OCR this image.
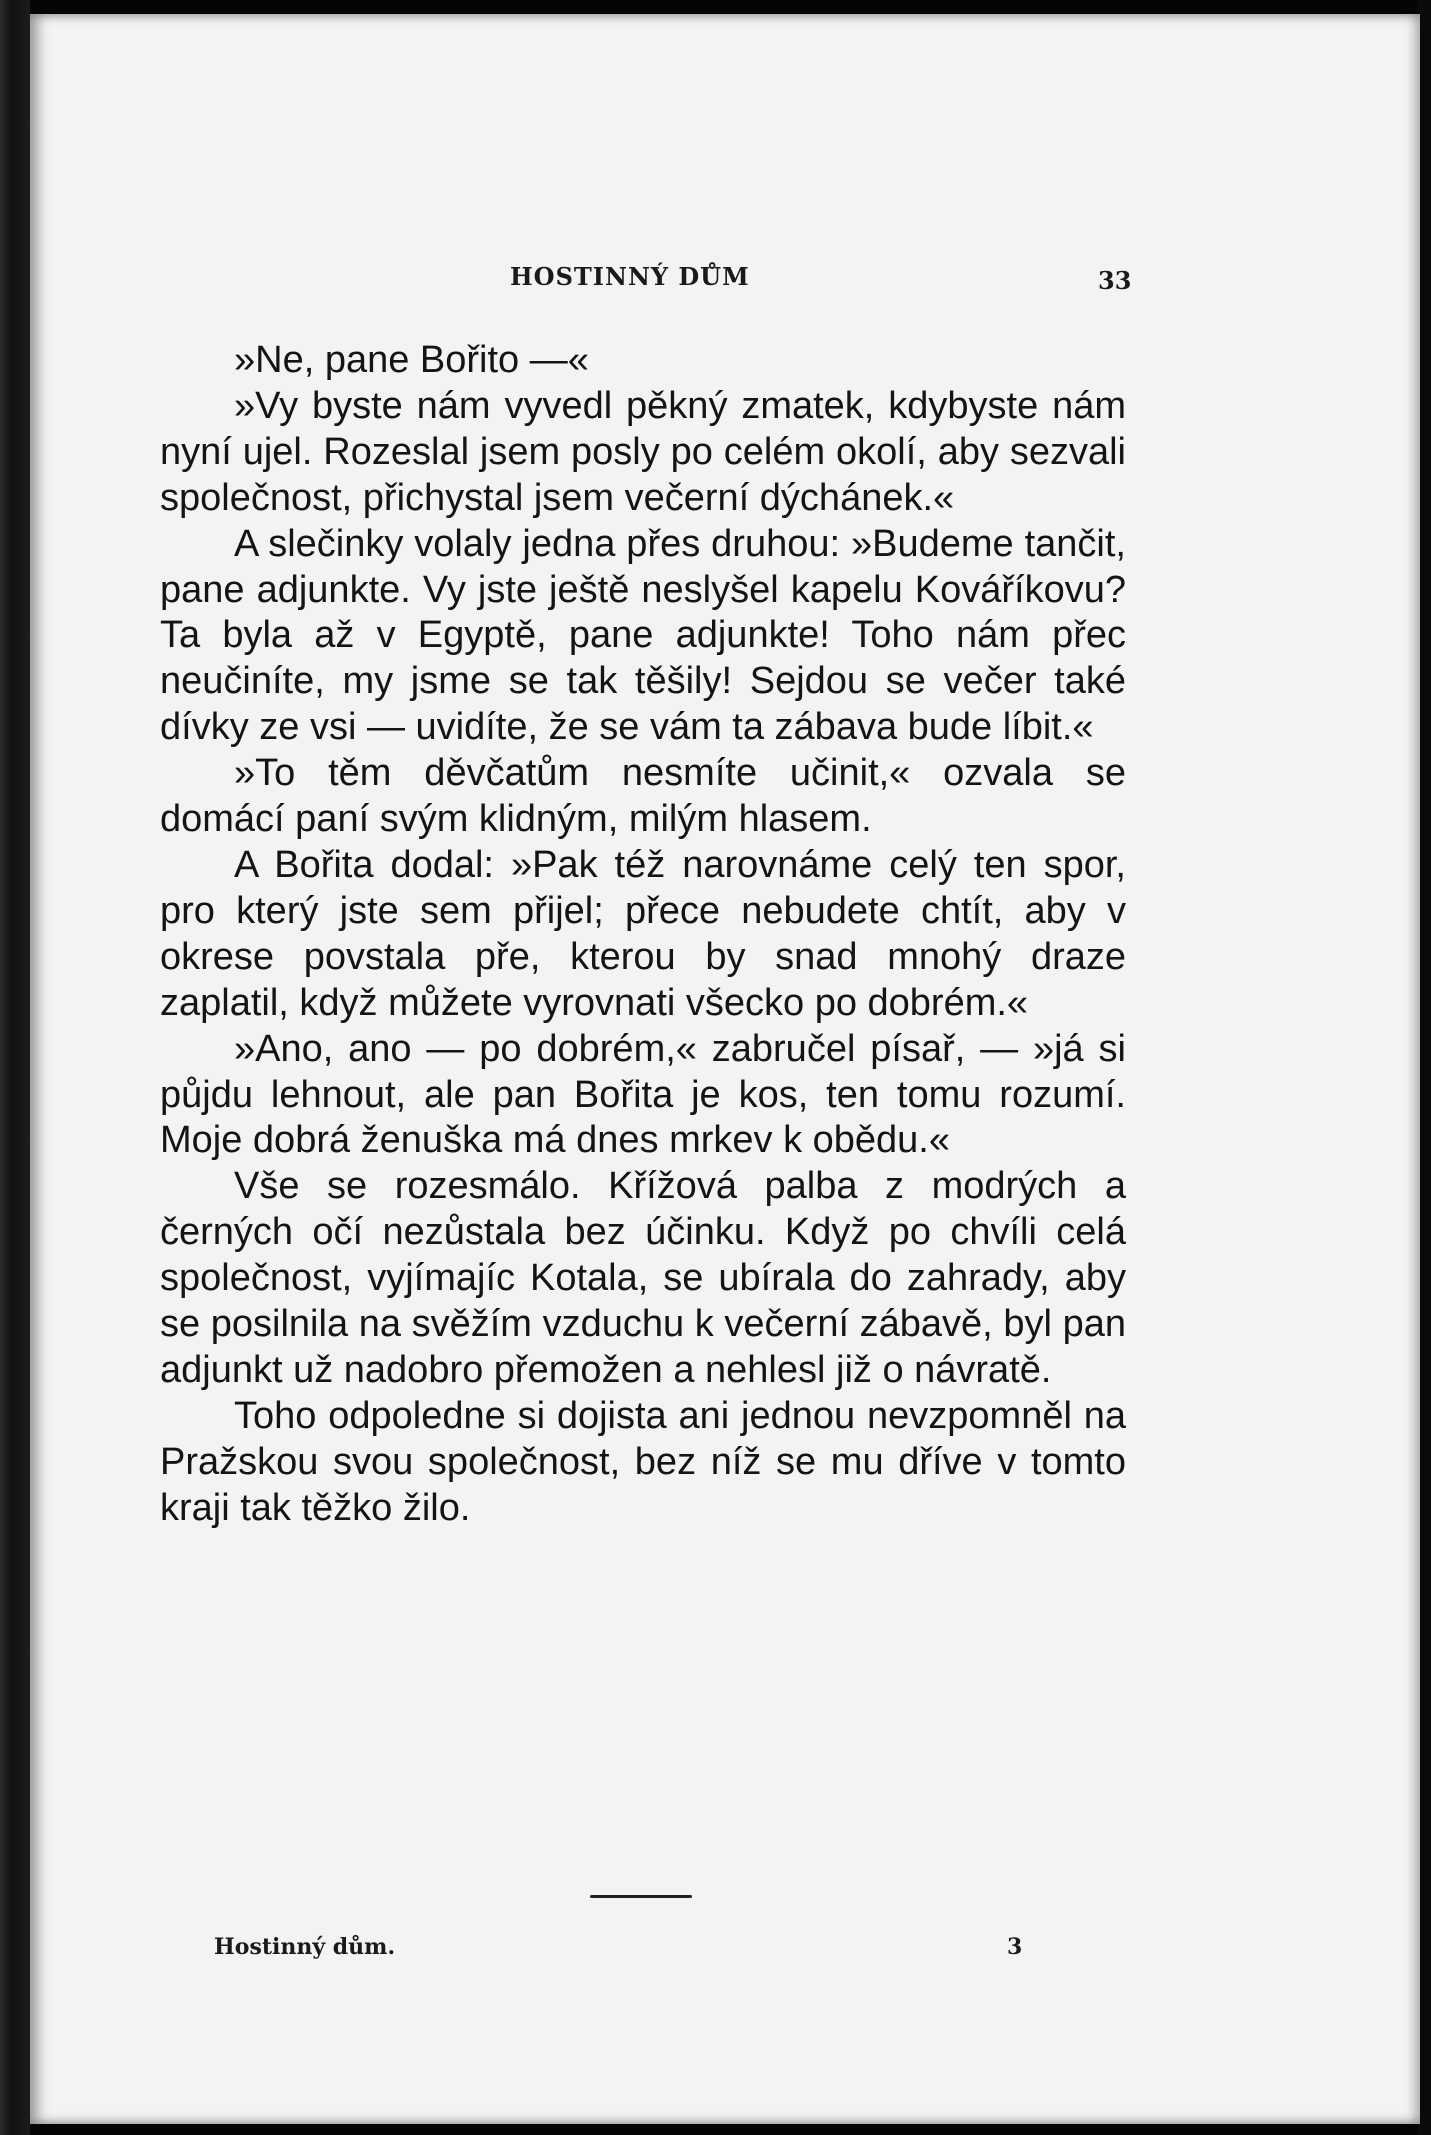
HOSTINNÝ DŮM	33

»Ne, pane Bořito —«

»Vy byste nám vyvedl pěkný zmatek, kdybyste nám nyní ujel. Rozeslal jsem posly po celém okolí, aby sezvali společnost, přichystal jsem večerní dýchánek.«

A slečinky volaly jedna přes druhou: »Budeme tančit, pane adjunkte. Vy jste ještě neslyšel kapelu Kováříkovu? Ta byla až v Egyptě, pane adjunkte! Toho nám přec neučiníte, my jsme se tak těšily! Sejdou se večer také dívky ze vsi — uvidíte, že se vám ta zábava bude líbit.«

»To těm děvčatům nesmíte učinit,« ozvala se domácí paní svým klidným, milým hlasem.

A Bořita dodal: »Pak též narovnáme celý ten spor, pro který jste sem přijel; přece nebudete chtít, aby v okrese povstala pře, kterou by snad mnohý draze zaplatil, když můžete vyrovnati všecko po dobrém.«

»Ano, ano — po dobrém,« zabručel písař, — »já si půjdu lehnout, ale pan Bořita je kos, ten tomu rozumí. Moje dobrá ženuška má dnes mrkev k obědu.«

Vše se rozesmálo. Křížová palba z modrých a černých očí nezůstala bez účinku. Když po chvíli celá společnost, vyjímajíc Kotala, se ubírala do zahrady, aby se posilnila na svěžím vzduchu k večerní zábavě, byl pan adjunkt už nadobro přemožen a nehlesl již o návratě.

Toho odpoledne si dojista ani jednou nevzpomněl na Pražskou svou společnost, bez níž se mu dříve v tomto kraji tak těžko žilo.

Hostinný dům.	3
